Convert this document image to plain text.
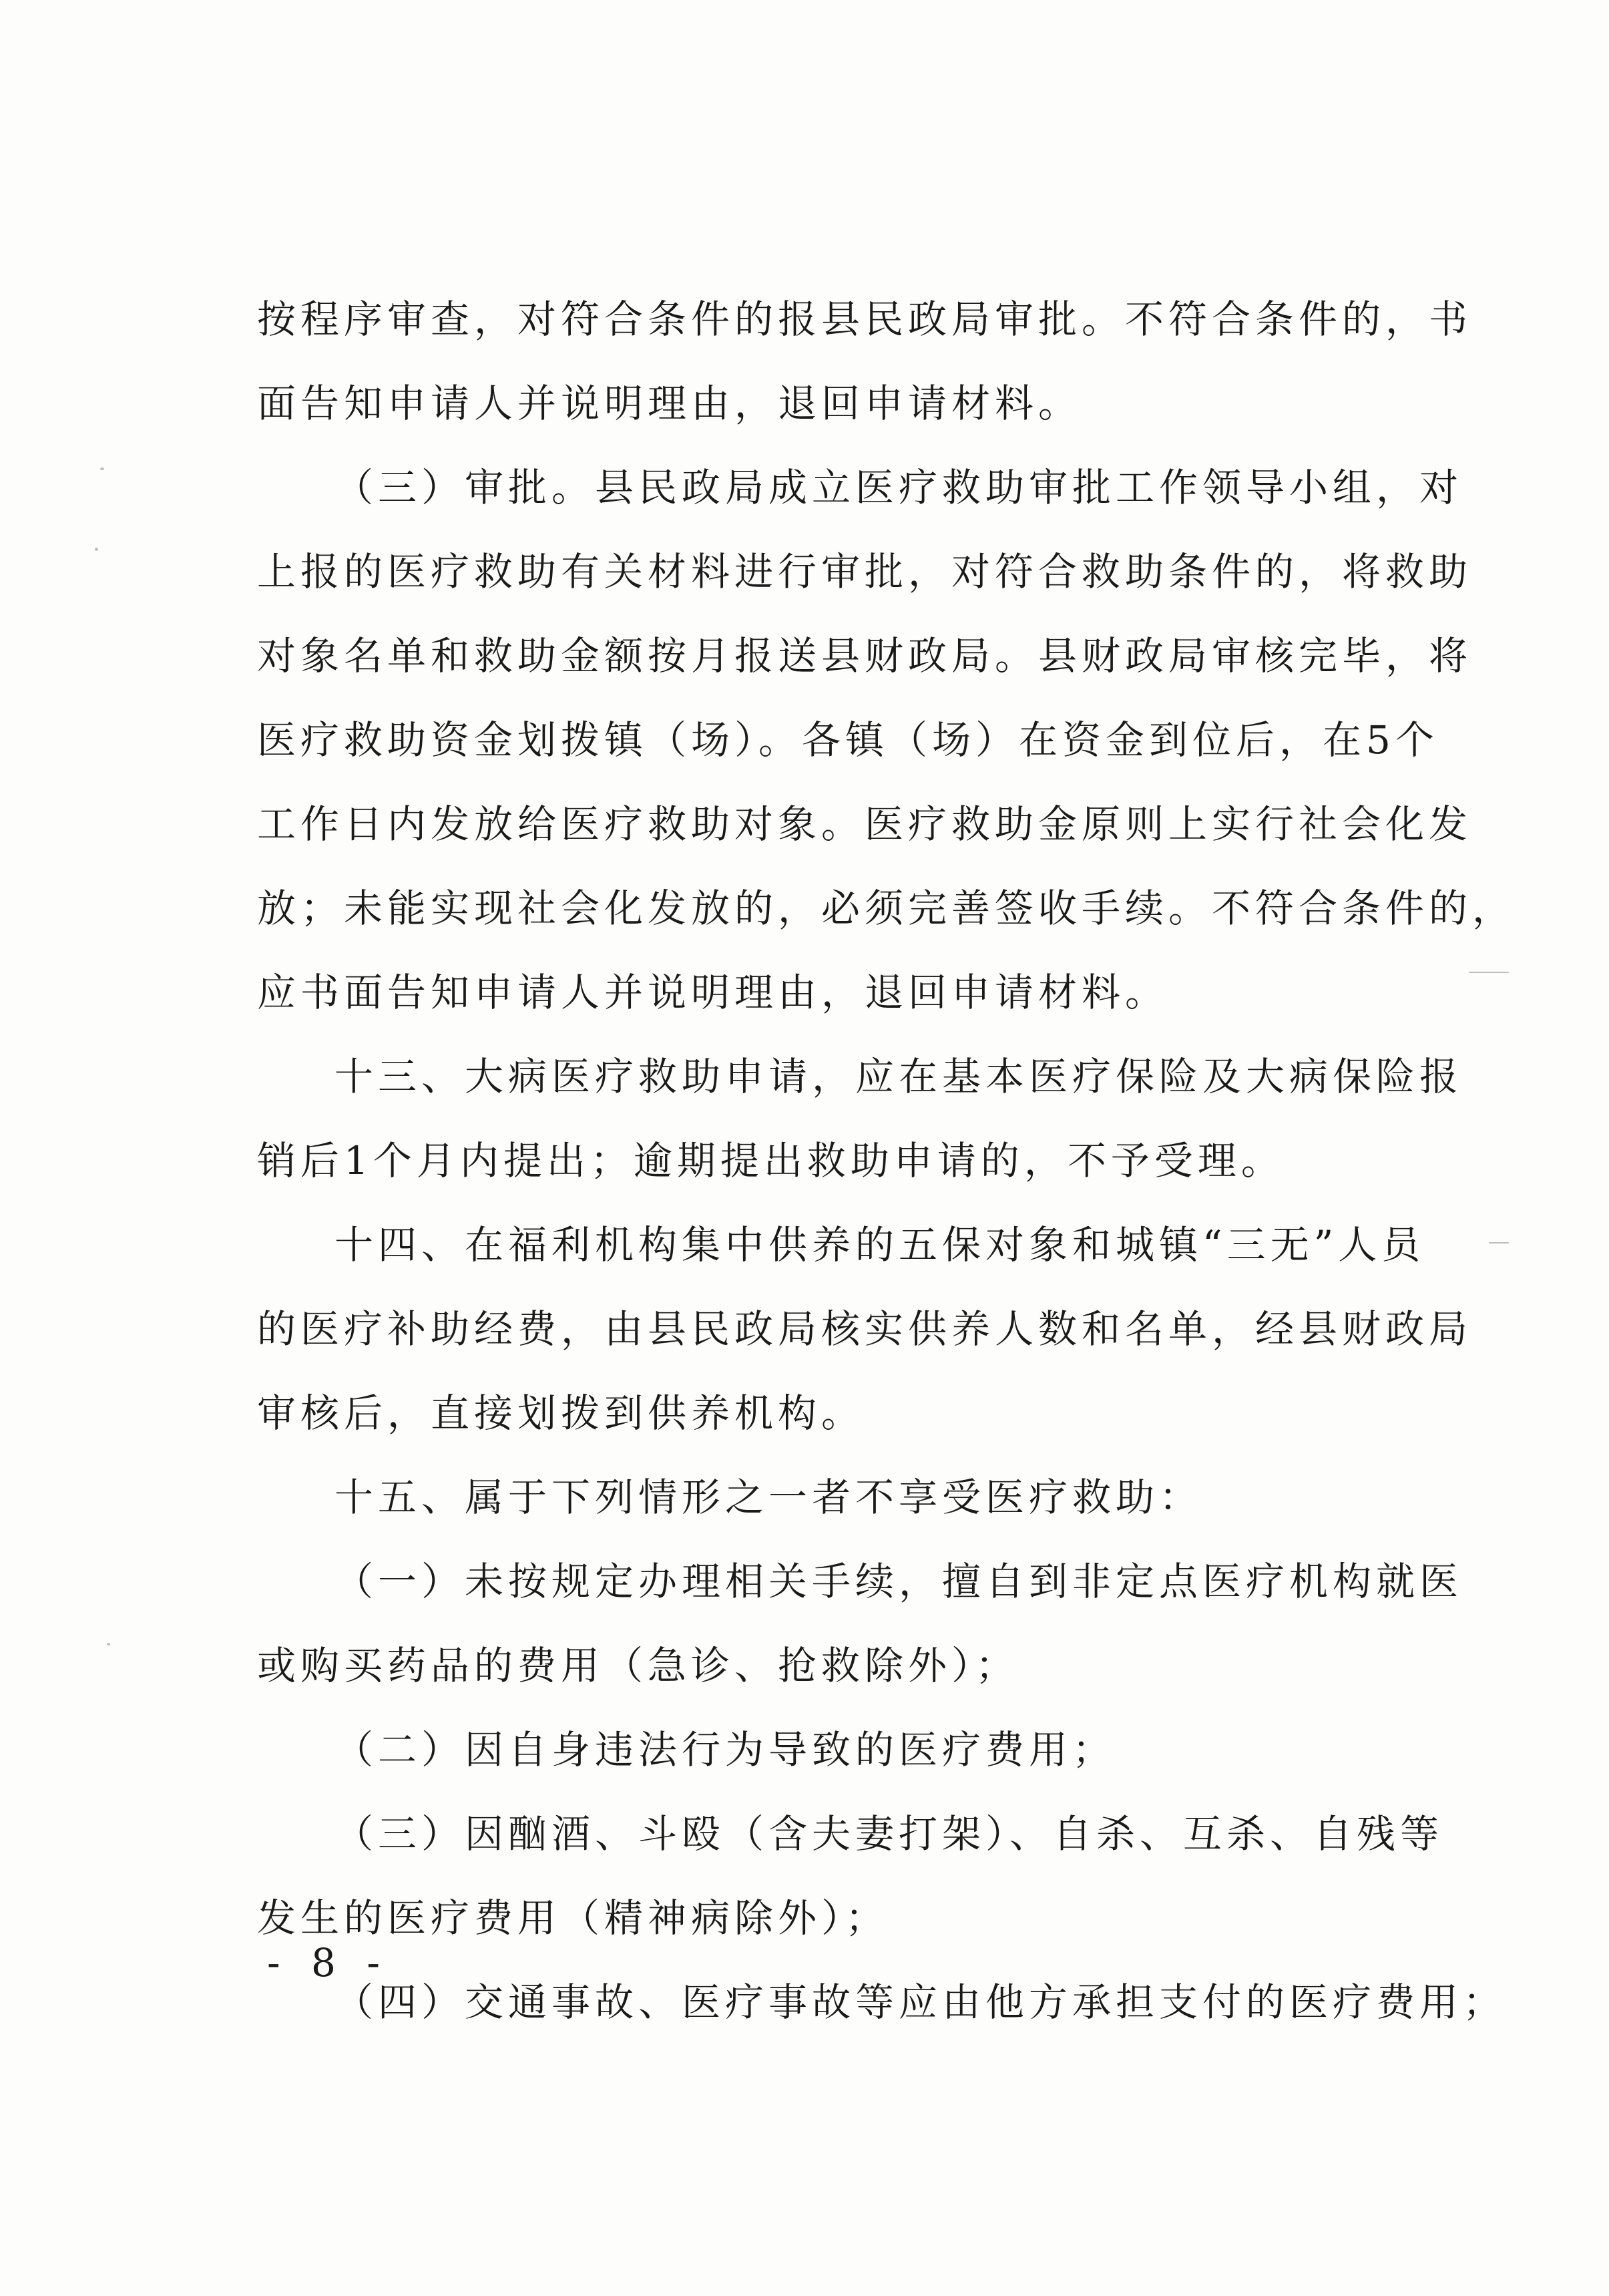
按程序审查，对符合条件的报县民政局审批。不符合条件的，书
面告知申请人并说明理由，退回申请材料。
（三）审批。县民政局成立医疗救助审批工作领导小组，对
上报的医疗救助有关材料进行审批，对符合救助条件的，将救助
对象名单和救助金额按月报送县财政局。县财政局审核完毕，将
医疗救助资金划拨镇（场）。各镇（场）在资金到位后，在5个
工作日内发放给医疗救助对象。医疗救助金原则上实行社会化发
放；未能实现社会化发放的，必须完善签收手续。不符合条件的，
应书面告知申请人并说明理由，退回申请材料。
十三、大病医疗救助申请，应在基本医疗保险及大病保险报
销后1个月内提出；逾期提出救助申请的，不予受理。
十四、在福利机构集中供养的五保对象和城镇“三无”人员
的医疗补助经费，由县民政局核实供养人数和名单，经县财政局
审核后，直接划拨到供养机构。
十五、属于下列情形之一者不享受医疗救助：
（一）未按规定办理相关手续，擅自到非定点医疗机构就医
或购买药品的费用（急诊、抢救除外）；
（二）因自身违法行为导致的医疗费用；
（三）因酗酒、斗殴（含夫妻打架）、自杀、互杀、自残等
发生的医疗费用（精神病除外）；
（四）交通事故、医疗事故等应由他方承担支付的医疗费用；
- 8 -
